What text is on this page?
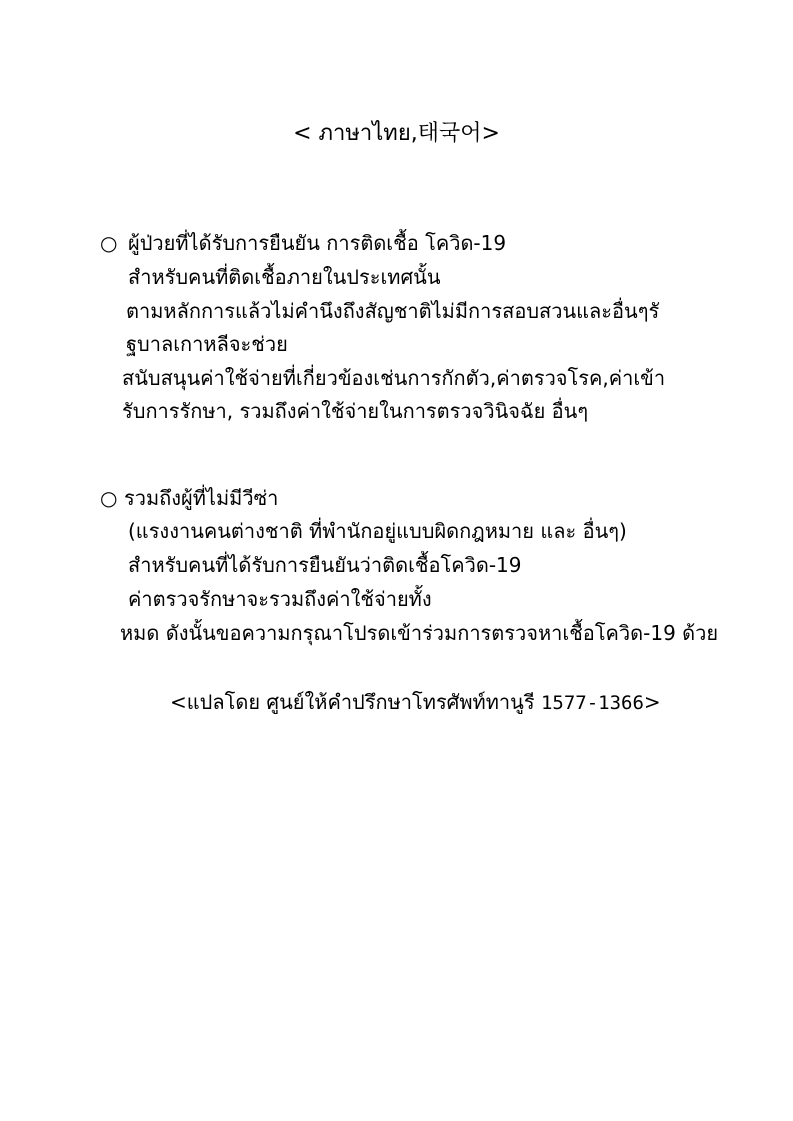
< ภาษาไทย,태국어>
○ ผู้ป่วยที่ได้รับการยืนยัน การติดเชื้อ โควิด-19
สำหรับคนที่ติดเชื้อภายในประเทศนั้น
ตามหลักการแล้วไม่คำนึงถึงสัญชาติไม่มีการสอบสวนและอื่นๆรั
ฐบาลเกาหลีจะช่วย
สนับสนุนค่าใช้จ่ายที่เกี่ยวข้องเช่นการกักตัว,ค่าตรวจโรค,ค่าเข้า
รับการรักษา, รวมถึงค่าใช้จ่ายในการตรวจวินิจฉัย อื่นๆ
○ รวมถึงผู้ที่ไม่มีวีซ่า
(แรงงานคนต่างชาติ ที่พำนักอยู่แบบผิดกฎหมาย และ อื่นๆ)
สำหรับคนที่ได้รับการยืนยันว่าติดเชื้อโควิด-19
ค่าตรวจรักษาจะรวมถึงค่าใช้จ่ายทั้ง
หมด ดังนั้นขอความกรุณาโปรดเข้าร่วมการตรวจหาเชื้อโควิด-19 ด้วย
<แปลโดย ศูนย์ให้คำปรึกษาโทรศัพท์ทานูรี 1577-1366>
